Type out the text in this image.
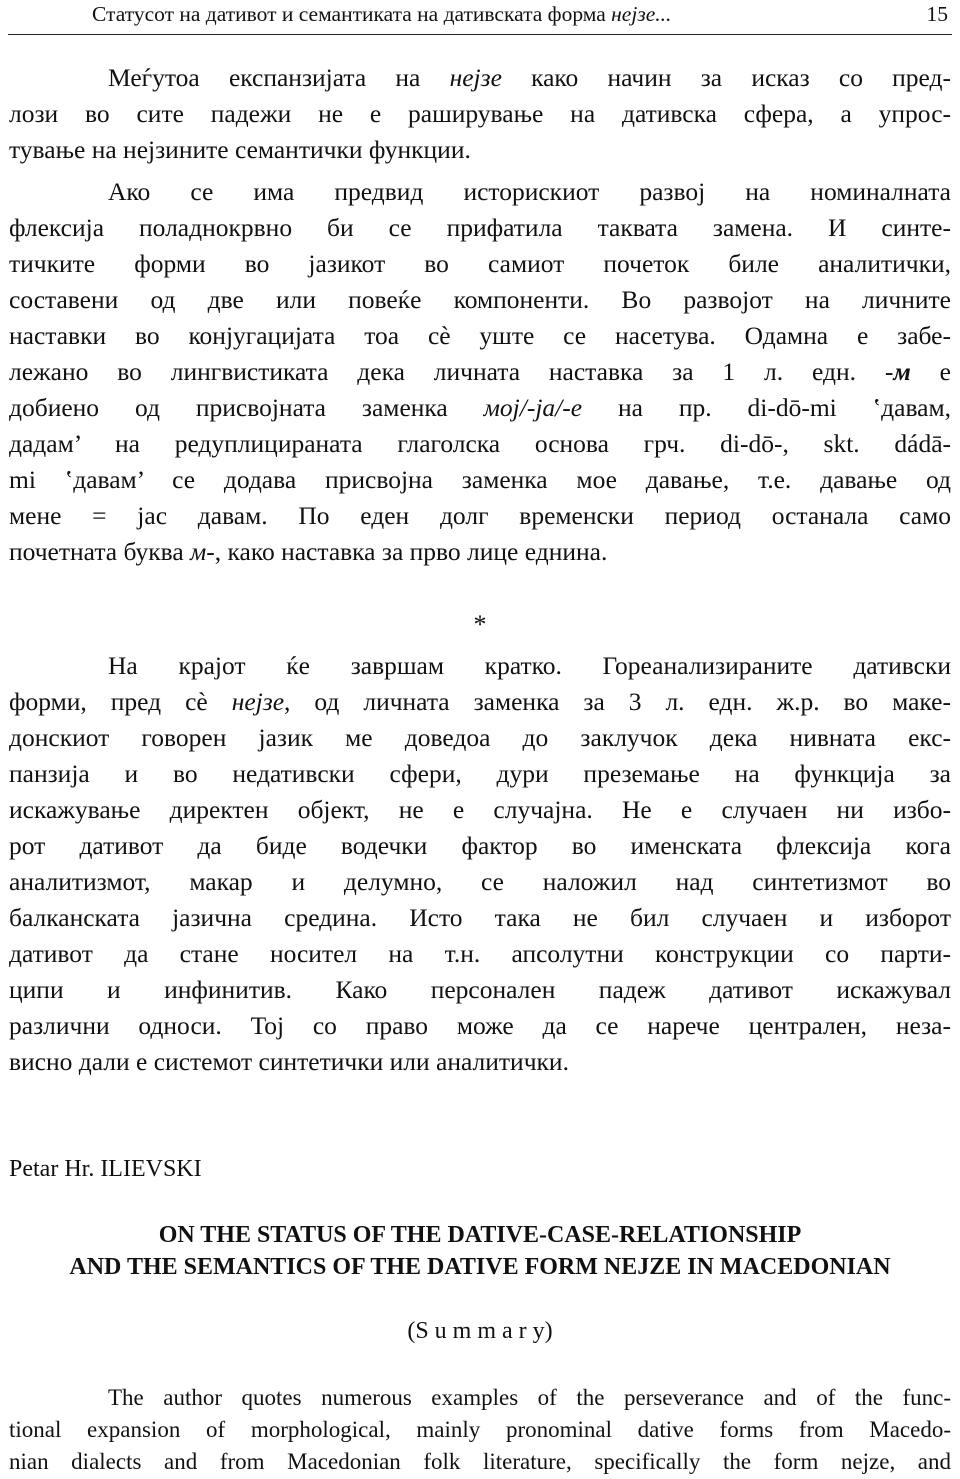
Статусот на дативот и семантиката на дативската форма нејзе...	15
Меѓутоа експанзијата на нејзе како начин за исказ со пред-
лози во сите падежи не е раширување на дативска сфера, а упрос-
тување на нејзините семантички функции.
Ако се има предвид историскиот развој на номиналната
флексија поладнокрвно би се прифатила таквата замена. И синте-
тичките форми во јазикот во самиот почеток биле аналитички,
составени од две или повеќе компоненти. Во развојот на личните
наставки во конјугацијата тоа сè уште се насетува. Одамна е забе-
лежано во лингвистиката дека личната наставка за 1 л. едн. -м е
добиено од присвојната заменка мој/-ја/-е на пр. di-dō-mi ʽдавам,
дадам’ на редуплицираната глаголска основа грч. di-dō-, skt. dádā-
mi ʽдавам’ се додава присвојна заменка мое давање, т.е. давање од
мене = јас давам. По еден долг временски период останала само
почетната буква м-, како наставка за прво лице еднина.
*
На крајот ќе завршам кратко. Гореанализираните дативски
форми, пред сè нејзе, од личната заменка за 3 л. едн. ж.р. во маке-
донскиот говорен јазик ме доведоа до заклучок дека нивната екс-
панзија и во недативски сфери, дури преземање на функција за
искажување директен објект, не е случајна. Не е случаен ни избо-
рот дативот да биде водечки фактор во именската флексија кога
аналитизмот, макар и делумно, се наложил над синтетизмот во
балканската јазична средина. Исто така не бил случаен и изборот
дативот да стане носител на т.н. апсолутни конструкции со парти-
ципи и инфинитив. Како персонален падеж дативот искажувал
различни односи. Тој со право може да се нарече централен, неза-
висно дали е системот синтетички или аналитички.
Petar Hr. ILIEVSKI
ON THE STATUS OF THE DATIVE-CASE-RELATIONSHIP
AND THE SEMANTICS OF THE DATIVE FORM NEJZE IN MACEDONIAN
(S u m m a r y)
The author quotes numerous examples of the perseverance and of the func-
tional expansion of morphological, mainly pronominal dative forms from Macedo-
nian dialects and from Macedonian folk literature, specifically the form nejze, and
